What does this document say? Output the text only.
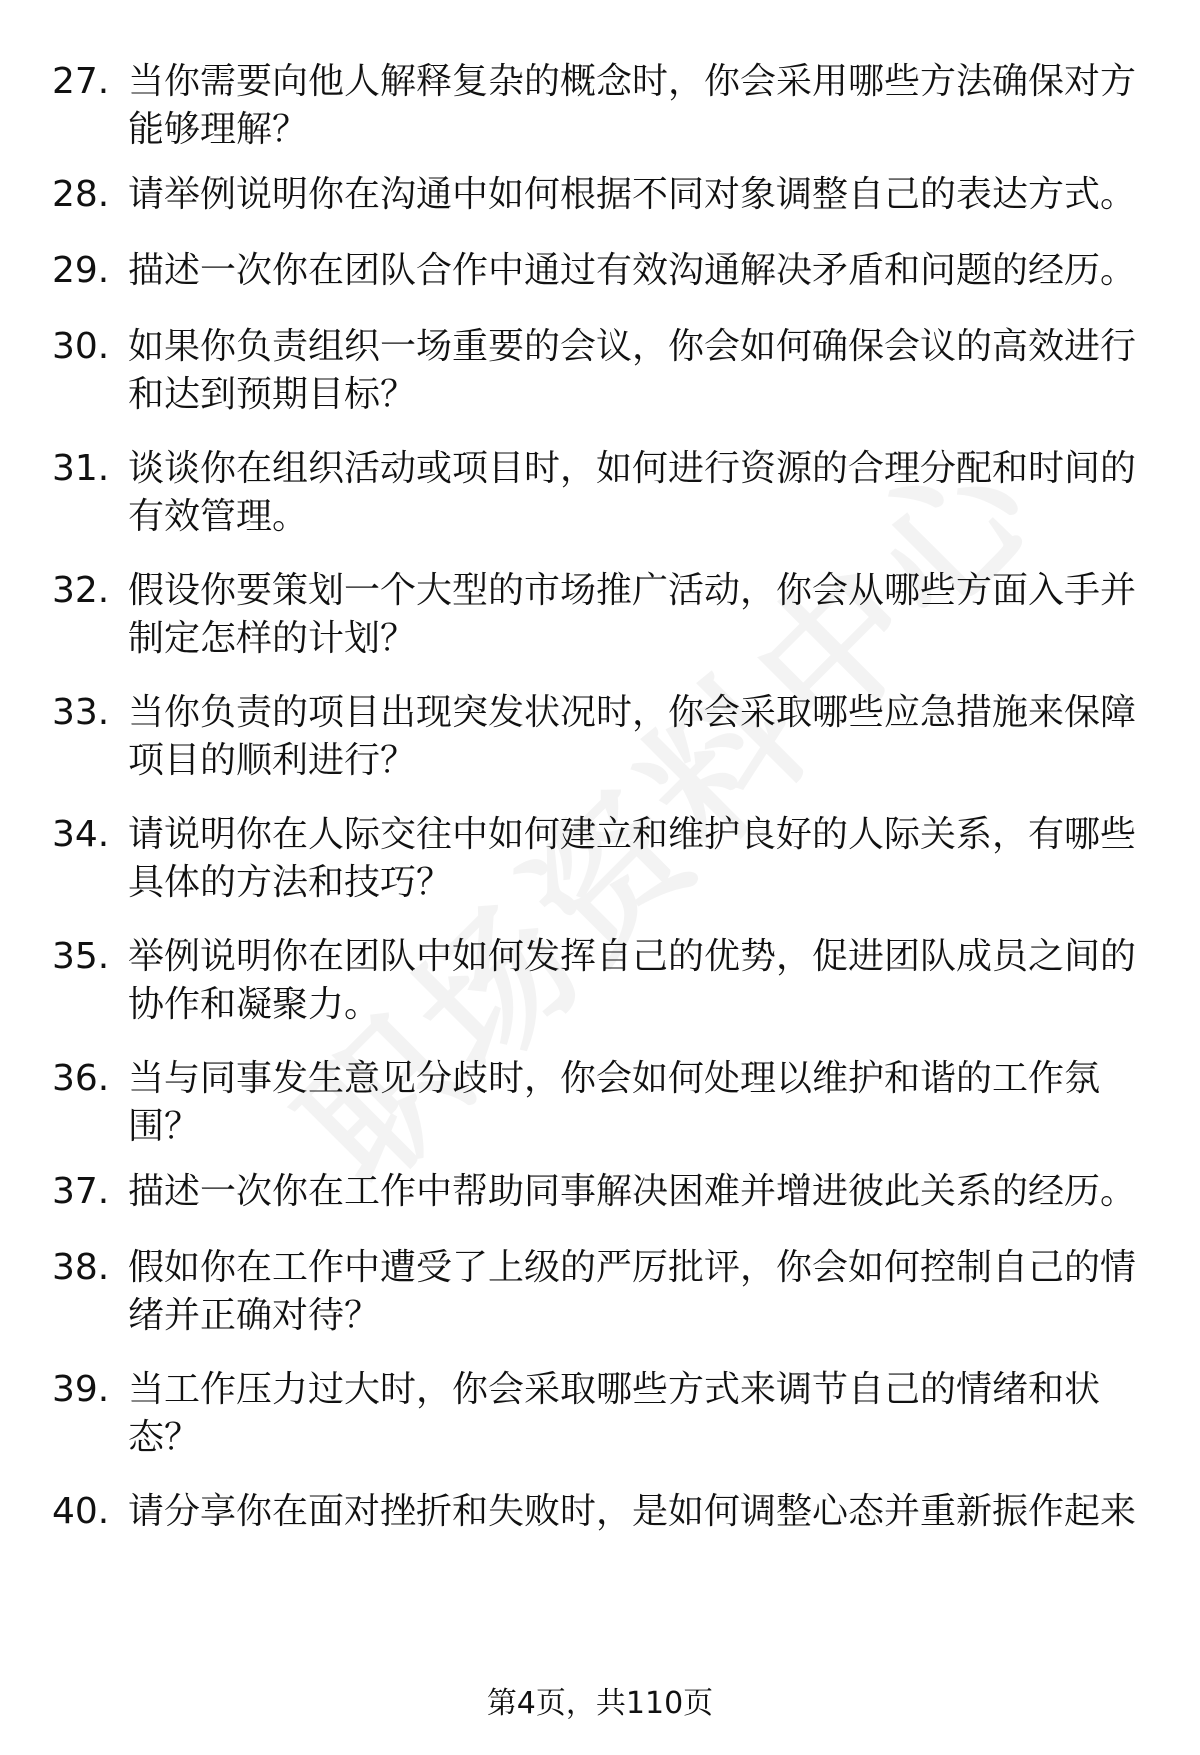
27. 当你需要向他人解释复杂的概念时，你会采用哪些方法确保对方能够理解？
28. 请举例说明你在沟通中如何根据不同对象调整自己的表达方式。
29. 描述一次你在团队合作中通过有效沟通解决矛盾和问题的经历。
30. 如果你负责组织一场重要的会议，你会如何确保会议的高效进行和达到预期目标？
31. 谈谈你在组织活动或项目时，如何进行资源的合理分配和时间的有效管理。
32. 假设你要策划一个大型的市场推广活动，你会从哪些方面入手并制定怎样的计划？
33. 当你负责的项目出现突发状况时，你会采取哪些应急措施来保障项目的顺利进行？
34. 请说明你在人际交往中如何建立和维护良好的人际关系，有哪些具体的方法和技巧？
35. 举例说明你在团队中如何发挥自己的优势，促进团队成员之间的协作和凝聚力。
36. 当与同事发生意见分歧时，你会如何处理以维护和谐的工作氛围？
37. 描述一次你在工作中帮助同事解决困难并增进彼此关系的经历。
38. 假如你在工作中遭受了上级的严厉批评，你会如何控制自己的情绪并正确对待？
39. 当工作压力过大时，你会采取哪些方式来调节自己的情绪和状态？
40. 请分享你在面对挫折和失败时，是如何调整心态并重新振作起来
第4页，共110页
